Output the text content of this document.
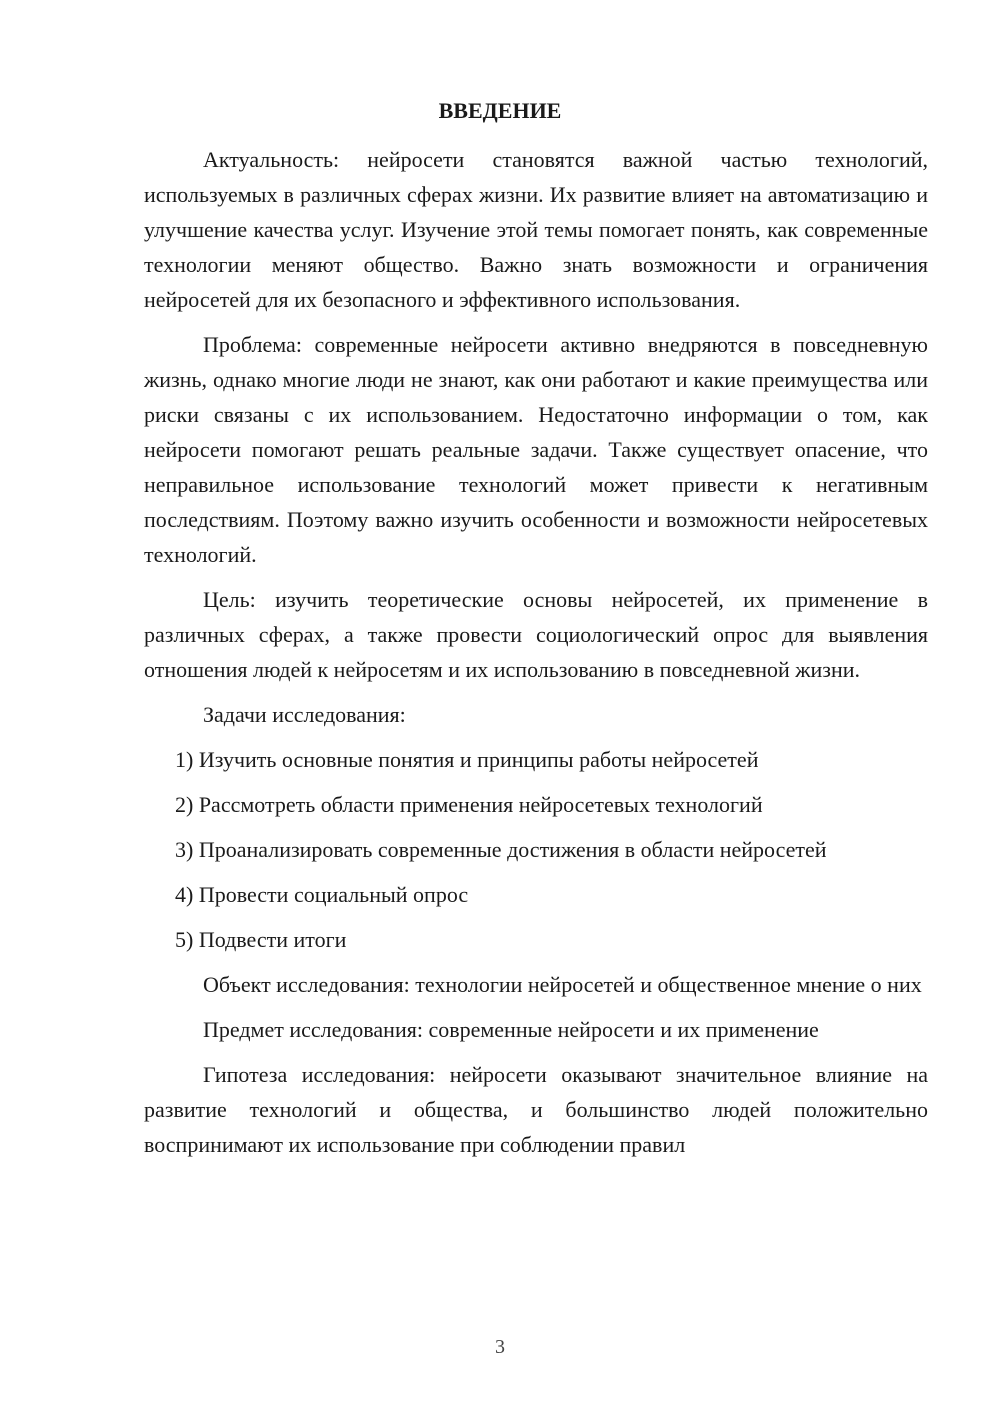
ВВЕДЕНИЕ

Актуальность: нейросети становятся важной частью технологий, используемых в различных сферах жизни. Их развитие влияет на автоматизацию и улучшение качества услуг. Изучение этой темы помогает понять, как современные технологии меняют общество. Важно знать возможности и ограничения нейросетей для их безопасного и эффективного использования.

Проблема: современные нейросети активно внедряются в повседневную жизнь, однако многие люди не знают, как они работают и какие преимущества или риски связаны с их использованием. Недостаточно информации о том, как нейросети помогают решать реальные задачи. Также существует опасение, что неправильное использование технологий может привести к негативным последствиям. Поэтому важно изучить особенности и возможности нейросетевых технологий.

Цель: изучить теоретические основы нейросетей, их применение в различных сферах, а также провести социологический опрос для выявления отношения людей к нейросетям и их использованию в повседневной жизни.

Задачи исследования:

1) Изучить основные понятия и принципы работы нейросетей

2) Рассмотреть области применения нейросетевых технологий

3) Проанализировать современные достижения в области нейросетей

4) Провести социальный опрос

5) Подвести итоги

Объект исследования: технологии нейросетей и общественное мнение о них

Предмет исследования: современные нейросети и их применение

Гипотеза исследования: нейросети оказывают значительное влияние на развитие технологий и общества, и большинство людей положительно воспринимают их использование при соблюдении правил

3
